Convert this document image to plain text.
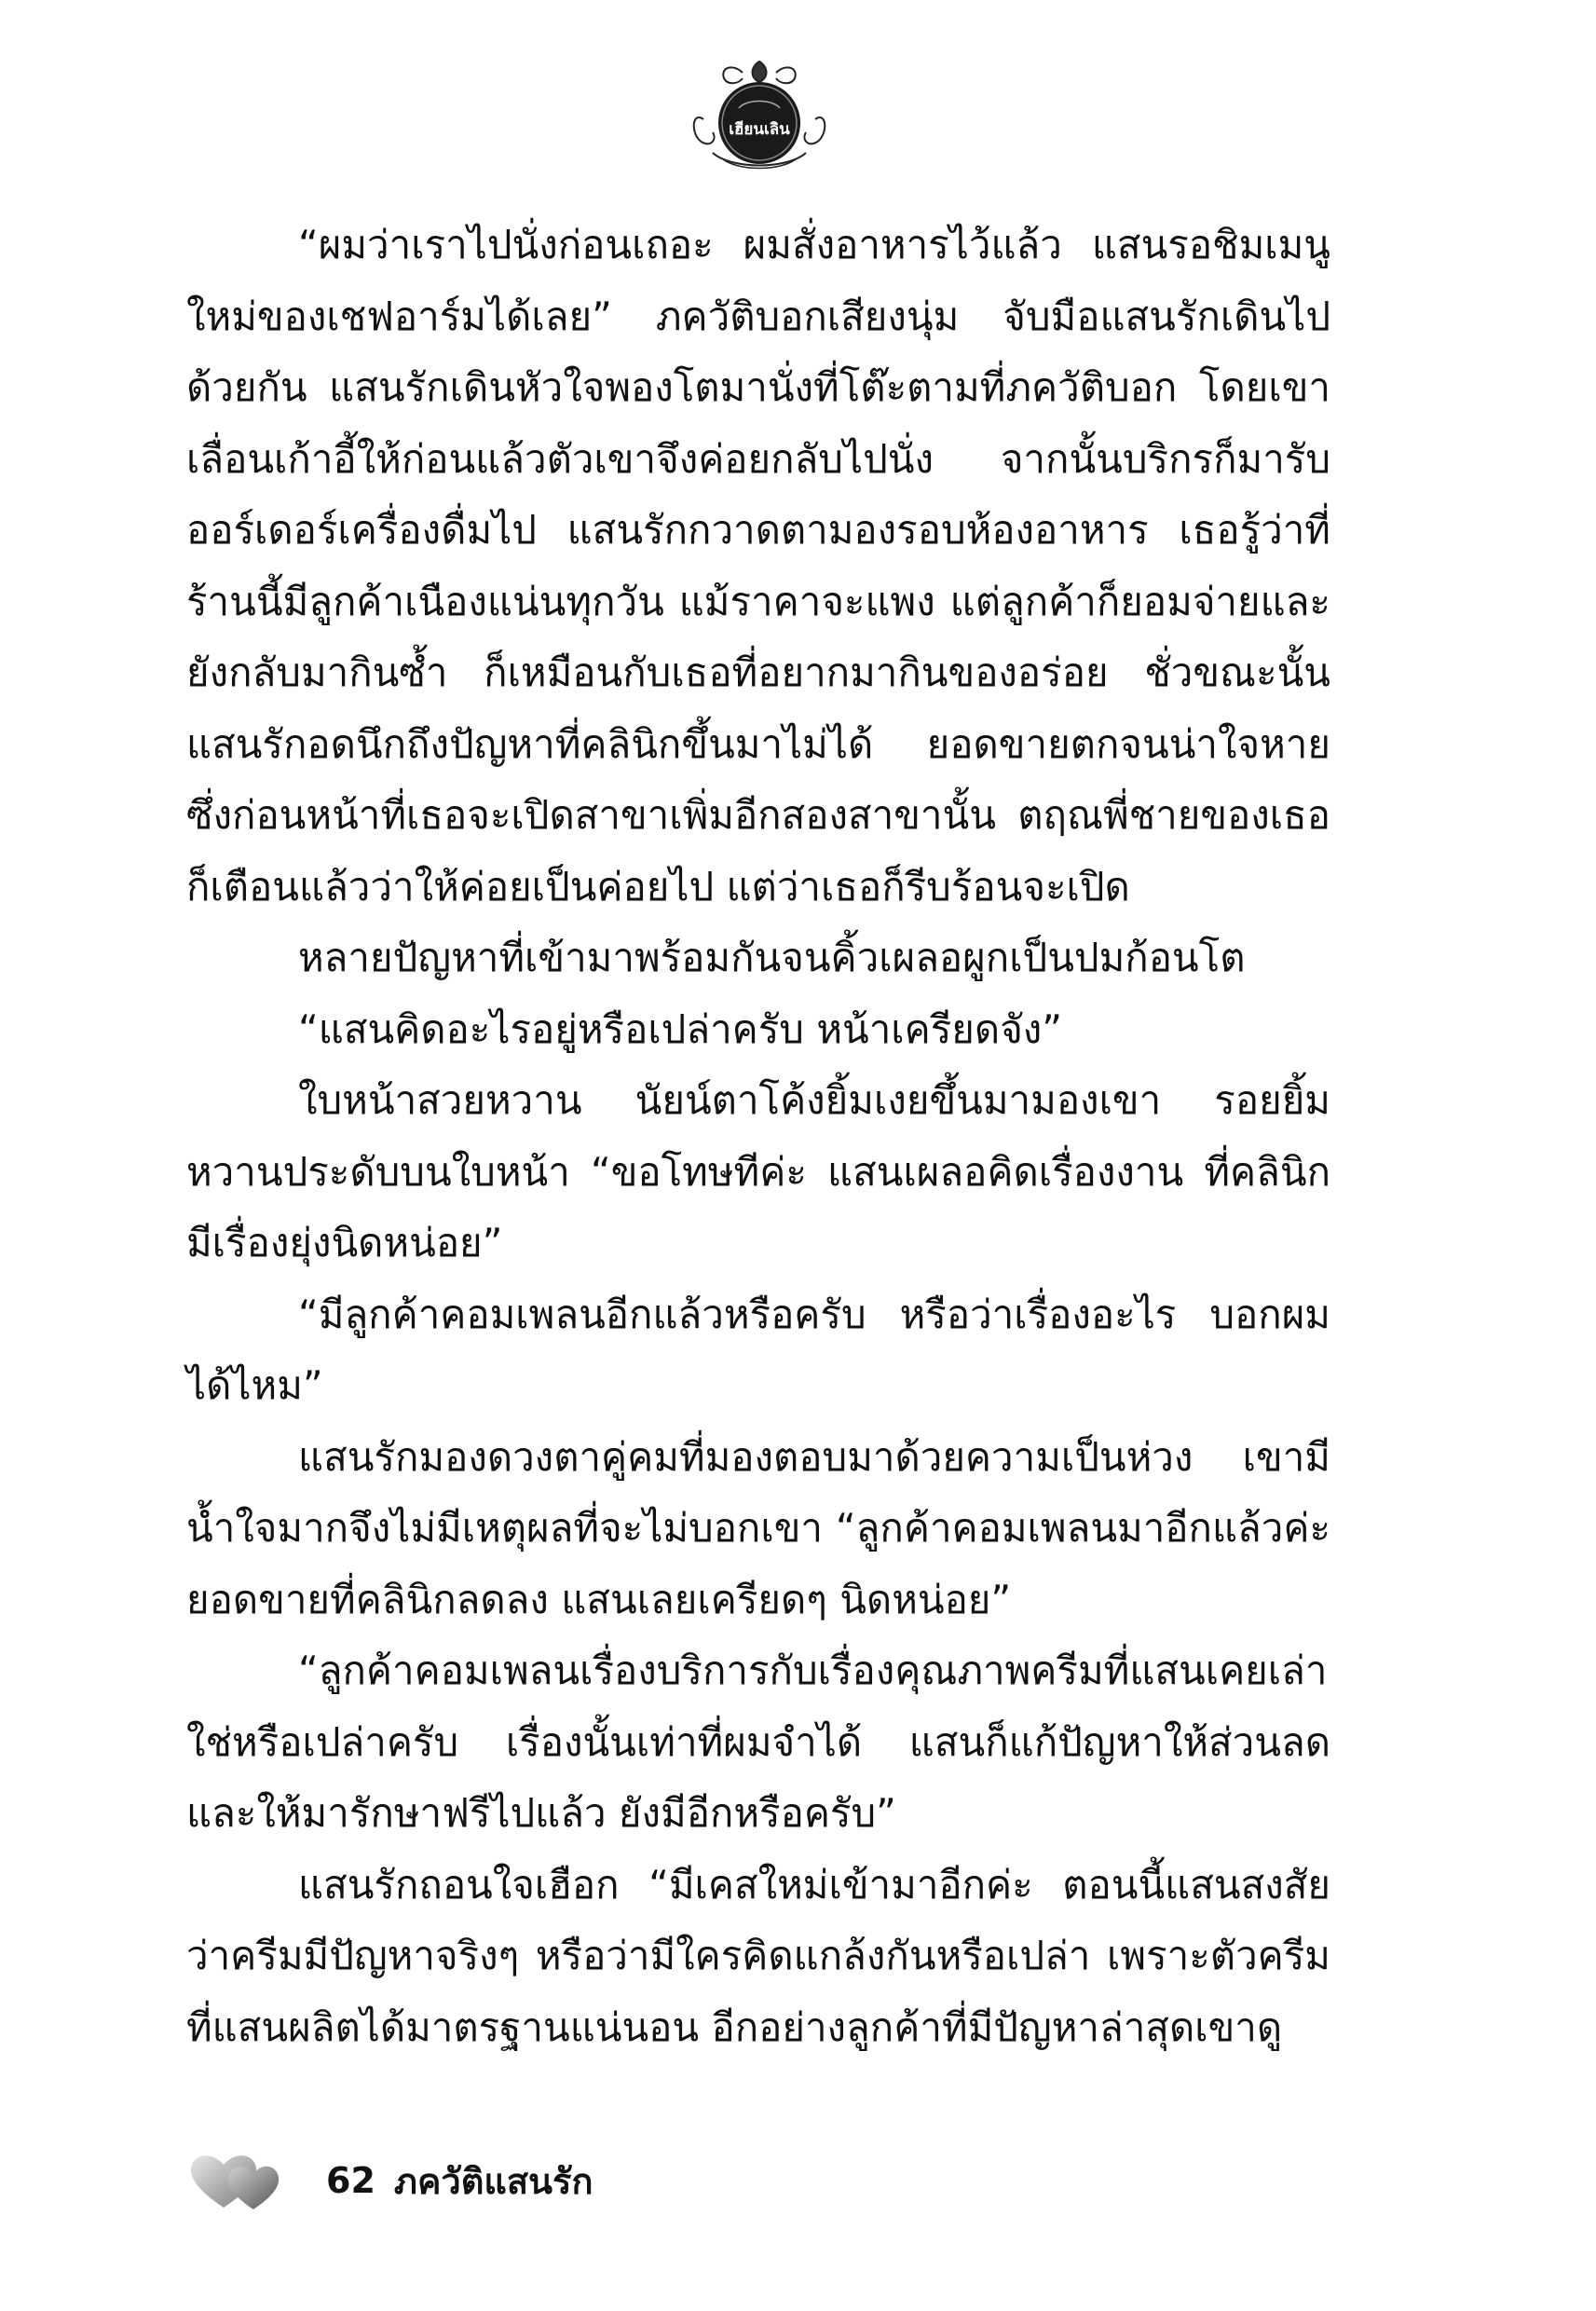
เฮียนเลิน

“ผมว่าเราไปนั่งก่อนเถอะ ผมสั่งอาหารไว้แล้ว แสนรอชิมเมนูใหม่ของเชฟอาร์มได้เลย” ภควัติบอกเสียงนุ่ม จับมือแสนรักเดินไปด้วยกัน แสนรักเดินหัวใจพองโตมานั่งที่โต๊ะตามที่ภควัติบอก โดยเขาเลื่อนเก้าอี้ให้ก่อนแล้วตัวเขาจึงค่อยกลับไปนั่ง จากนั้นบริกรก็มารับออร์เดอร์เครื่องดื่มไป แสนรักกวาดตามองรอบห้องอาหาร เธอรู้ว่าที่ร้านนี้มีลูกค้าเนืองแน่นทุกวัน แม้ราคาจะแพง แต่ลูกค้าก็ยอมจ่ายและยังกลับมากินซ้ำ ก็เหมือนกับเธอที่อยากมากินของอร่อย ชั่วขณะนั้นแสนรักอดนึกถึงปัญหาที่คลินิกขึ้นมาไม่ได้ ยอดขายตกจนน่าใจหาย ซึ่งก่อนหน้าที่เธอจะเปิดสาขาเพิ่มอีกสองสาขานั้น ตฤณพี่ชายของเธอก็เตือนแล้วว่าให้ค่อยเป็นค่อยไป แต่ว่าเธอก็รีบร้อนจะเปิด

หลายปัญหาที่เข้ามาพร้อมกันจนคิ้วเผลอผูกเป็นปมก้อนโต

“แสนคิดอะไรอยู่หรือเปล่าครับ หน้าเครียดจัง”

ใบหน้าสวยหวาน นัยน์ตาโค้งยิ้มเงยขึ้นมามองเขา รอยยิ้มหวานประดับบนใบหน้า “ขอโทษทีค่ะ แสนเผลอคิดเรื่องงาน ที่คลินิกมีเรื่องยุ่งนิดหน่อย”

“มีลูกค้าคอมเพลนอีกแล้วหรือครับ หรือว่าเรื่องอะไร บอกผมได้ไหม”

แสนรักมองดวงตาคู่คมที่มองตอบมาด้วยความเป็นห่วง เขามีน้ำใจมากจึงไม่มีเหตุผลที่จะไม่บอกเขา “ลูกค้าคอมเพลนมาอีกแล้วค่ะ ยอดขายที่คลินิกลดลง แสนเลยเครียดๆ นิดหน่อย”

“ลูกค้าคอมเพลนเรื่องบริการกับเรื่องคุณภาพครีมที่แสนเคยเล่าใช่หรือเปล่าครับ เรื่องนั้นเท่าที่ผมจำได้ แสนก็แก้ปัญหาให้ส่วนลดและให้มารักษาฟรีไปแล้ว ยังมีอีกหรือครับ”

แสนรักถอนใจเฮือก “มีเคสใหม่เข้ามาอีกค่ะ ตอนนี้แสนสงสัยว่าครีมมีปัญหาจริงๆ หรือว่ามีใครคิดแกล้งกันหรือเปล่า เพราะตัวครีมที่แสนผลิตได้มาตรฐานแน่นอน อีกอย่างลูกค้าที่มีปัญหาล่าสุดเขาดู

62 ภควัติแสนรัก
